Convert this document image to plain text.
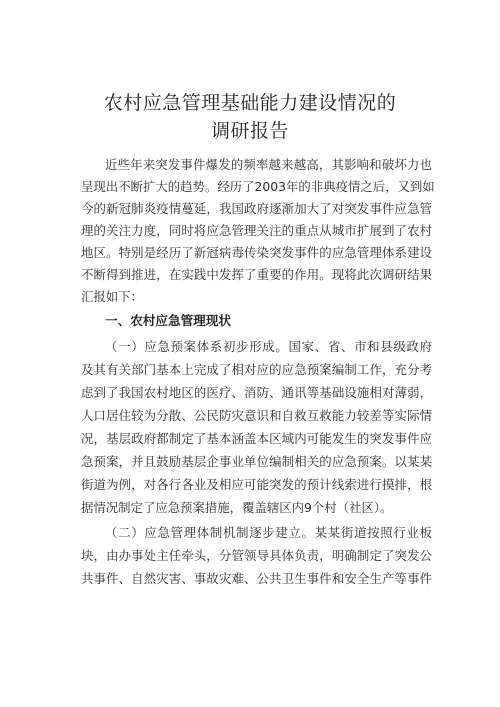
农村应急管理基础能力建设情况的
调研报告
近些年来突发事件爆发的频率越来越高，其影响和破坏力也
呈现出不断扩大的趋势。经历了2003年的非典疫情之后，又到如
今的新冠肺炎疫情蔓延，我国政府逐渐加大了对突发事件应急管
理的关注力度，同时将应急管理关注的重点从城市扩展到了农村
地区。特别是经历了新冠病毒传染突发事件的应急管理体系建设
不断得到推进，在实践中发挥了重要的作用。现将此次调研结果
汇报如下：
一、农村应急管理现状
（一）应急预案体系初步形成。国家、省、市和县级政府
及其有关部门基本上完成了相对应的应急预案编制工作，充分考
虑到了我国农村地区的医疗、消防、通讯等基础设施相对薄弱，
人口居住较为分散、公民防灾意识和自救互救能力较差等实际情
况，基层政府都制定了基本涵盖本区域内可能发生的突发事件应
急预案，并且鼓励基层企事业单位编制相关的应急预案。以某某
街道为例，对各行各业及相应可能突发的预计线索进行摸排，根
据情况制定了应急预案措施，覆盖辖区内9个村（社区）。
（二）应急管理体制机制逐步建立。某某街道按照行业板
块，由办事处主任牵头，分管领导具体负责，明确制定了突发公
共事件、自然灾害、事故灾难、公共卫生事件和安全生产等事件
